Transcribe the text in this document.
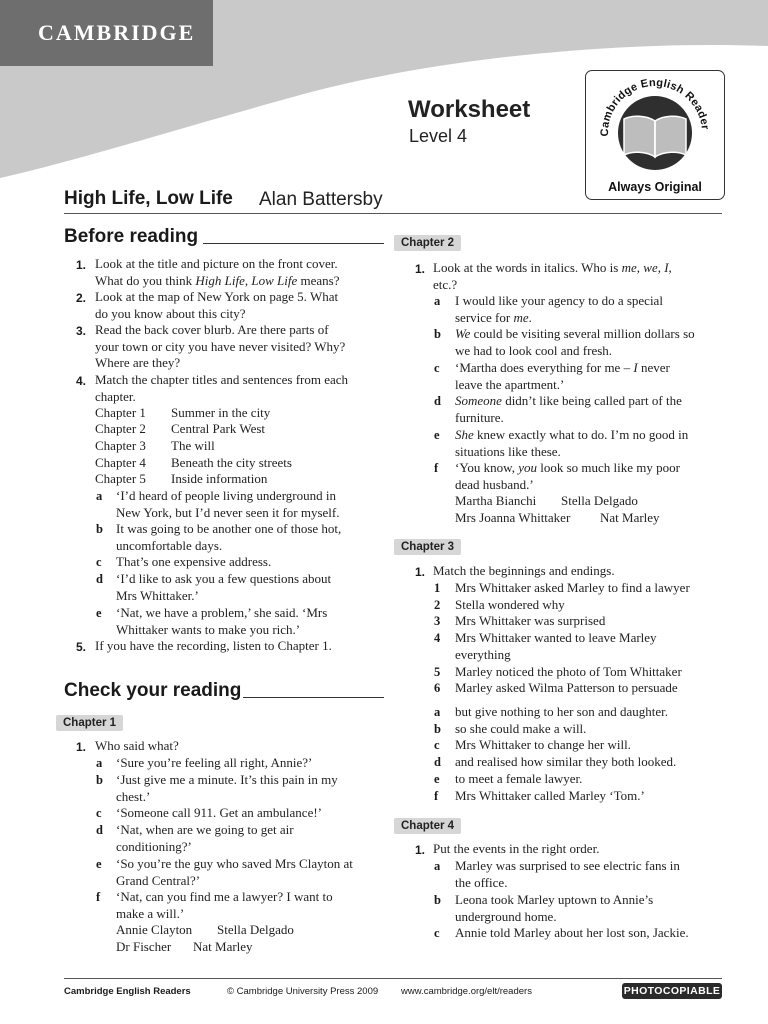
CAMBRIDGE
Worksheet
Level 4	Cambridge English Reader
Always Original
High Life, Low Life Alan Battersby
Before reading
1. Look at the title and picture on the front cover.
What do you think High Life, Low Life means?
2. Look at the map of New York on page 5. What
do you know about this city?
3. Read the back cover blurb. Are there parts of
your town or city you have never visited? Why?
Where are they?
4. Match the chapter titles and sentences from each
chapter.
Chapter 1 Summer in the city
Chapter 2 Central Park West
Chapter 3 The will
Chapter 4 Beneath the city streets
Chapter 5 Inside information
a ‘I’d heard of people living underground in
New York, but I’d never seen it for myself.
b It was going to be another one of those hot,
uncomfortable days.
c That’s one expensive address.
d ‘I’d like to ask you a few questions about
Mrs Whittaker.’
e ‘Nat, we have a problem,’ she said. ‘Mrs
Whittaker wants to make you rich.’
5. If you have the recording, listen to Chapter 1.
Check your reading
Chapter 1
1. Who said what?
a ‘Sure you’re feeling all right, Annie?’
b ‘Just give me a minute. It’s this pain in my
chest.’
c ‘Someone call 911. Get an ambulance!’
d ‘Nat, when are we going to get air
conditioning?’
e ‘So you’re the guy who saved Mrs Clayton at
Grand Central?’
f ‘Nat, can you find me a lawyer? I want to
make a will.’
Annie Clayton Stella Delgado
Dr Fischer Nat Marley
Chapter 2
1. Look at the words in italics. Who is me, we, I,
etc.?
a I would like your agency to do a special
service for me.
b We could be visiting several million dollars so
we had to look cool and fresh.
c ‘Martha does everything for me – I never
leave the apartment.’
d Someone didn’t like being called part of the
furniture.
e She knew exactly what to do. I’m no good in
situations like these.
f ‘You know, you look so much like my poor
dead husband.’
Martha Bianchi Stella Delgado
Mrs Joanna Whittaker Nat Marley
Chapter 3
1. Match the beginnings and endings.
1 Mrs Whittaker asked Marley to find a lawyer
2 Stella wondered why
3 Mrs Whittaker was surprised
4 Mrs Whittaker wanted to leave Marley
everything
5 Marley noticed the photo of Tom Whittaker
6 Marley asked Wilma Patterson to persuade
a but give nothing to her son and daughter.
b so she could make a will.
c Mrs Whittaker to change her will.
d and realised how similar they both looked.
e to meet a female lawyer.
f Mrs Whittaker called Marley ‘Tom.’
Chapter 4
1. Put the events in the right order.
a Marley was surprised to see electric fans in
the office.
b Leona took Marley uptown to Annie’s
underground home.
c Annie told Marley about her lost son, Jackie.
Cambridge English Readers	© Cambridge University Press 2009 www.cambridge.org/elt/readers	PHOTOCOPIABLE
